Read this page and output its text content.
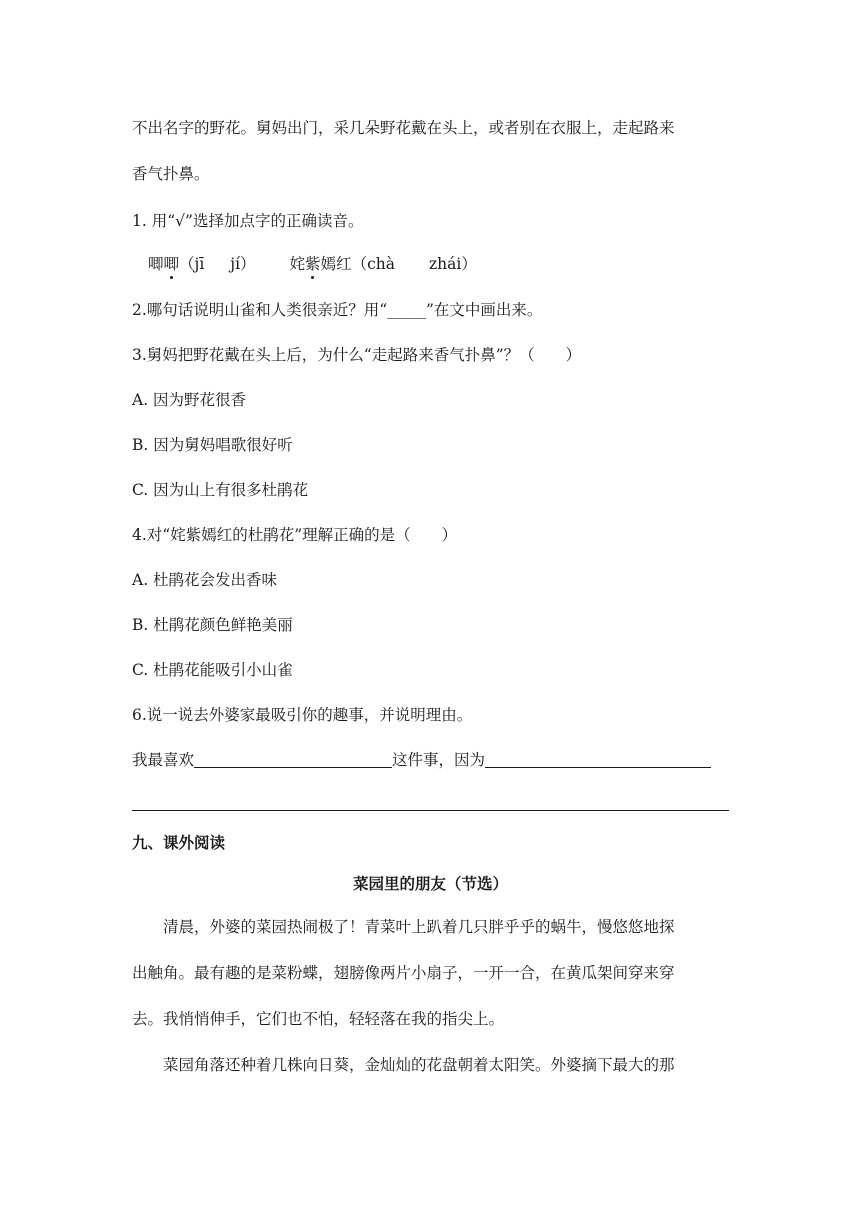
不出名字的野花。舅妈出门，采几朵野花戴在头上，或者别在衣服上，走起路来
香气扑鼻。
1. 用“√”选择加点字的正确读音。
唧唧（jī jí） 姹紫嫣红（chà zhái）
2.哪句话说明山雀和人类很亲近？用“_____”在文中画出来。
3.舅妈把野花戴在头上后，为什么“走起路来香气扑鼻”？（　　）
A. 因为野花很香
B. 因为舅妈唱歌很好听
C. 因为山上有很多杜鹃花
4.对“姹紫嫣红的杜鹃花”理解正确的是（　　）
A. 杜鹃花会发出香味
B. 杜鹃花颜色鲜艳美丽
C. 杜鹃花能吸引小山雀
6.说一说去外婆家最吸引你的趣事，并说明理由。
我最喜欢	这件事，因为
九、课外阅读
菜园里的朋友（节选）
清晨，外婆的菜园热闹极了！青菜叶上趴着几只胖乎乎的蜗牛，慢悠悠地探
出触角。最有趣的是菜粉蝶，翅膀像两片小扇子，一开一合，在黄瓜架间穿来穿
去。我悄悄伸手，它们也不怕，轻轻落在我的指尖上。
菜园角落还种着几株向日葵，金灿灿的花盘朝着太阳笑。外婆摘下最大的那
